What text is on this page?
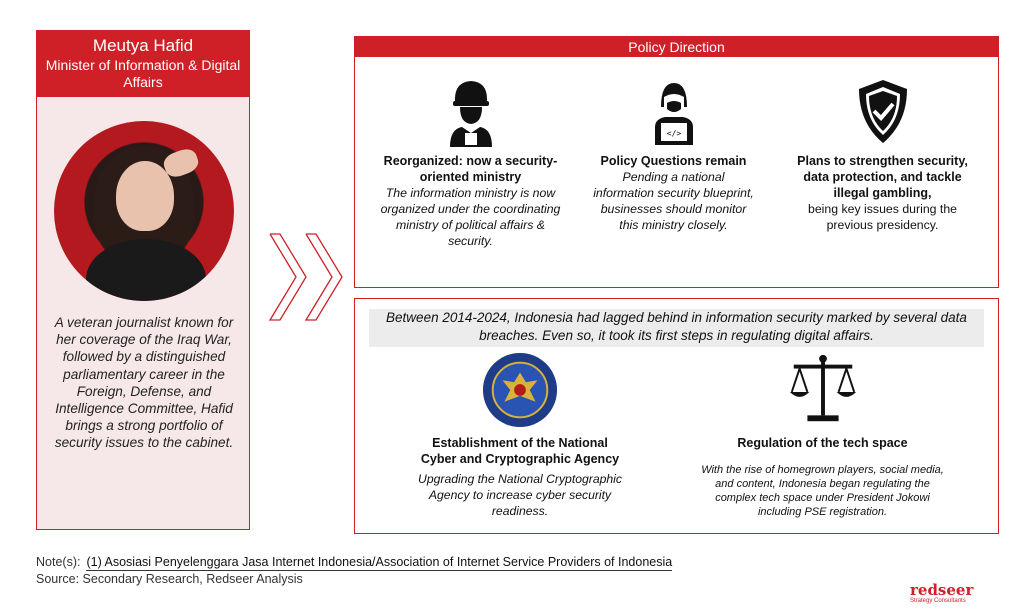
Meutya Hafid
Minister of Information & Digital Affairs
A veteran journalist known for her coverage of the Iraq War, followed by a distinguished parliamentary career in the Foreign, Defense, and Intelligence Committee, Hafid brings a strong portfolio of security issues to the cabinet.
Policy Direction
Reorganized: now a security-oriented ministry
The information ministry is now organized under the coordinating ministry of political affairs & security.
</>
Policy Questions remain
Pending a national information security blueprint, businesses should monitor this ministry closely.
Plans to strengthen security, data protection, and tackle illegal gambling,
being key issues during the previous presidency.
Between 2014-2024, Indonesia had lagged behind in information security marked by several data breaches. Even so, it took its first steps in regulating digital affairs.
Establishment of the National Cyber and Cryptographic Agency
Upgrading the National Cryptographic Agency to increase cyber security readiness.
Regulation of the tech space
With the rise of homegrown players, social media, and content, Indonesia began regulating the complex tech space under President Jokowi including PSE registration.
Note(s): (1) Asosiasi Penyelenggara Jasa Internet Indonesia/Association of Internet Service Providers of Indonesia
Source: Secondary Research, Redseer Analysis
redseer
Strategy Consultants
